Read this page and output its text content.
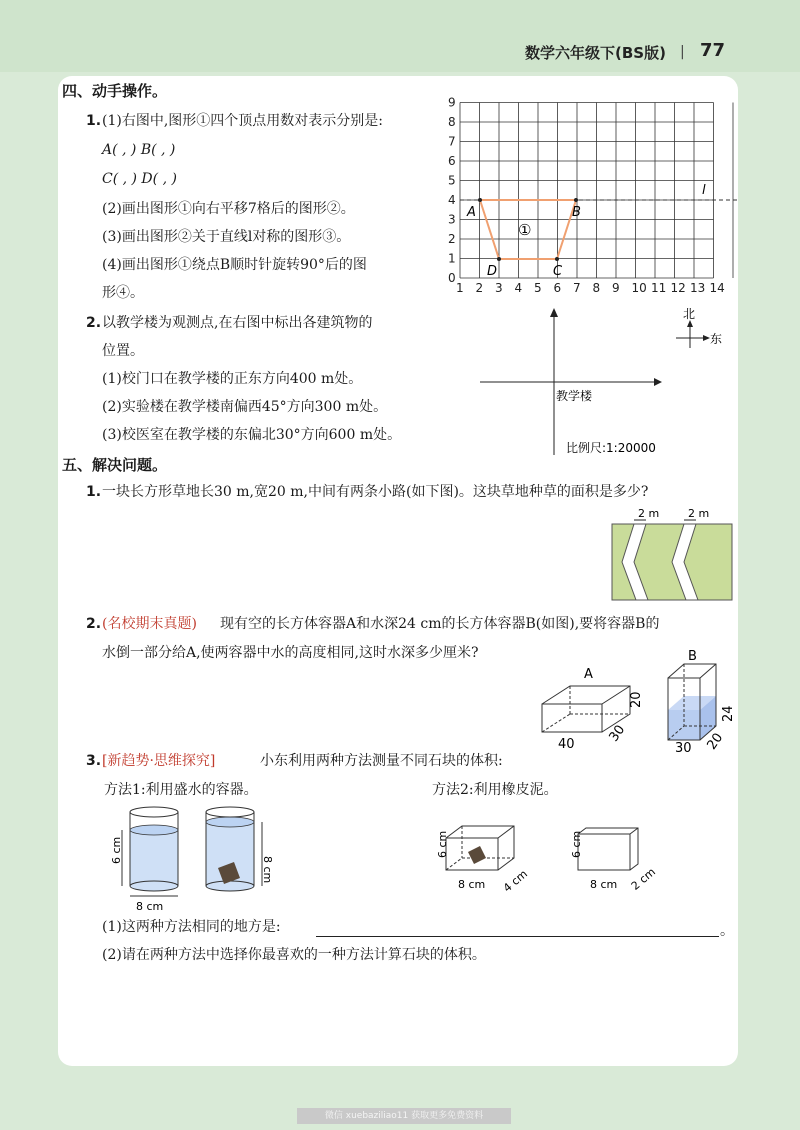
数学六年级下(BS版) | 77
四、动手操作。
1. (1)右图中,图形①四个顶点用数对表示分别是:
A( , ) B( , )
C( , ) D( , )
(2)画出图形①向右平移7格后的图形②。
(3)画出图形②关于直线l对称的图形③。
(4)画出图形①绕点B顺时针旋转90°后的图
形④。
2. 以教学楼为观测点,在右图中标出各建筑物的
位置。
(1)校门口在教学楼的正东方向400 m处。
(2)实验楼在教学楼南偏西45°方向300 m处。
(3)校医室在教学楼的东偏北30°方向600 m处。
0
1
2
3
4
5
6
7
8
9
1 2 3 4 5 6 7 8 9 10 11 12 13 14
l
A	B
C
D
①
教学楼
比例尺:1:20000
北
东
五、解决问题。
1. 一块长方形草地长30 m,宽20 m,中间有两条小路(如下图)。这块草地种草的面积是多少?
2 m	2 m
2. (名校期末真题) 现有空的长方体容器A和水深24 cm的长方体容器B(如图),要将容器B的
水倒一部分给A,使两容器中水的高度相同,这时水深多少厘米?
A
40 30
20
B
24
20
30
3. [新趋势·思维探究]	小东利用两种方法测量不同石块的体积:
方法1:利用盛水的容器。	方法2:利用橡皮泥。
6 cm
8 cm
8 cm
6 cm
8 cm 4 cm
6 cm
8 cm 2 cm
(1)这两种方法相同的地方是:	。
(2)请在两种方法中选择你最喜欢的一种方法计算石块的体积。
微信 xuebaziliao11 获取更多免费资料
